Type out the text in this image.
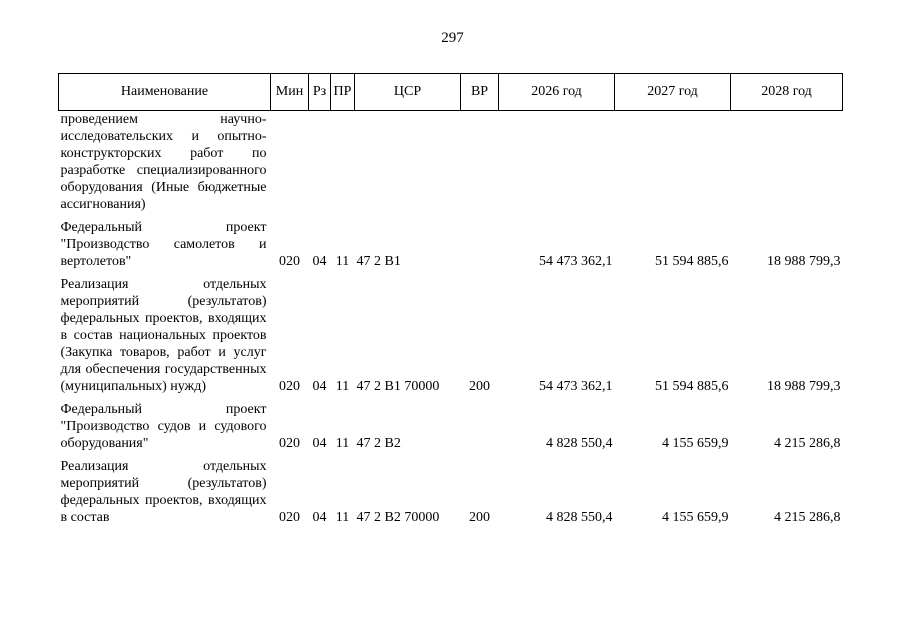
297
Наименование	Мин	Рз	ПР	ЦСР	ВР	2026 год	2027 год	2028 год
проведением научно-исследовательских и опытно-конструкторских работ по разработке специализированного оборудования (Иные бюджетные ассигнования)								
Федеральный проект "Производство самолетов и вертолетов"	020	04	11	47 2 В1		54 473 362,1	51 594 885,6	18 988 799,3
Реализация отдельных мероприятий (результатов) федеральных проектов, входящих в состав национальных проектов (Закупка товаров, работ и услуг для обеспечения государственных (муниципальных) нужд)	020	04	11	47 2 В1 70000	200	54 473 362,1	51 594 885,6	18 988 799,3
Федеральный проект "Производство судов и судового оборудования"	020	04	11	47 2 В2		4 828 550,4	4 155 659,9	4 215 286,8
Реализация отдельных мероприятий (результатов) федеральных проектов, входящих в состав	020	04	11	47 2 В2 70000	200	4 828 550,4	4 155 659,9	4 215 286,8
